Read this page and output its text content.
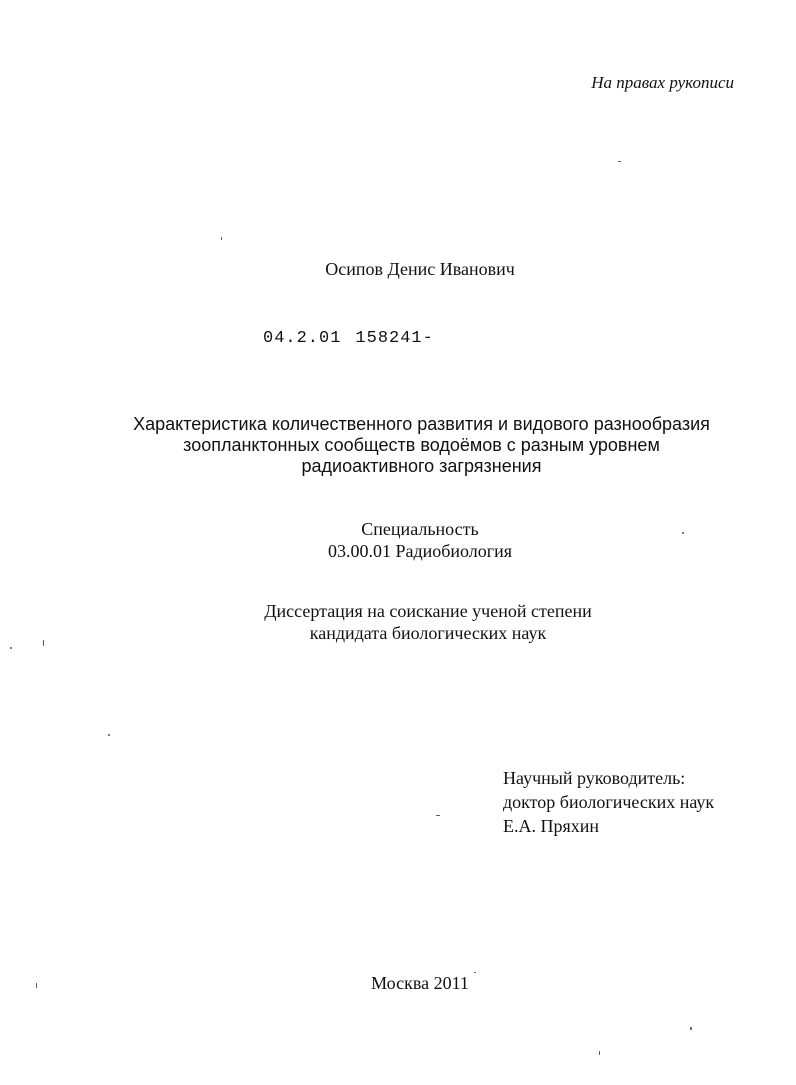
На правах рукописи
Осипов Денис Иванович
04.2.01 158241-
Характеристика количественного развития и видового разнообразия
зоопланктонных сообществ водоёмов с разным уровнем
радиоактивного загрязнения
Специальность
03.00.01 Радиобиология
Диссертация на соискание ученой степени
кандидата биологических наук
Научный руководитель:
доктор биологических наук
Е.А. Пряхин
Москва 2011
